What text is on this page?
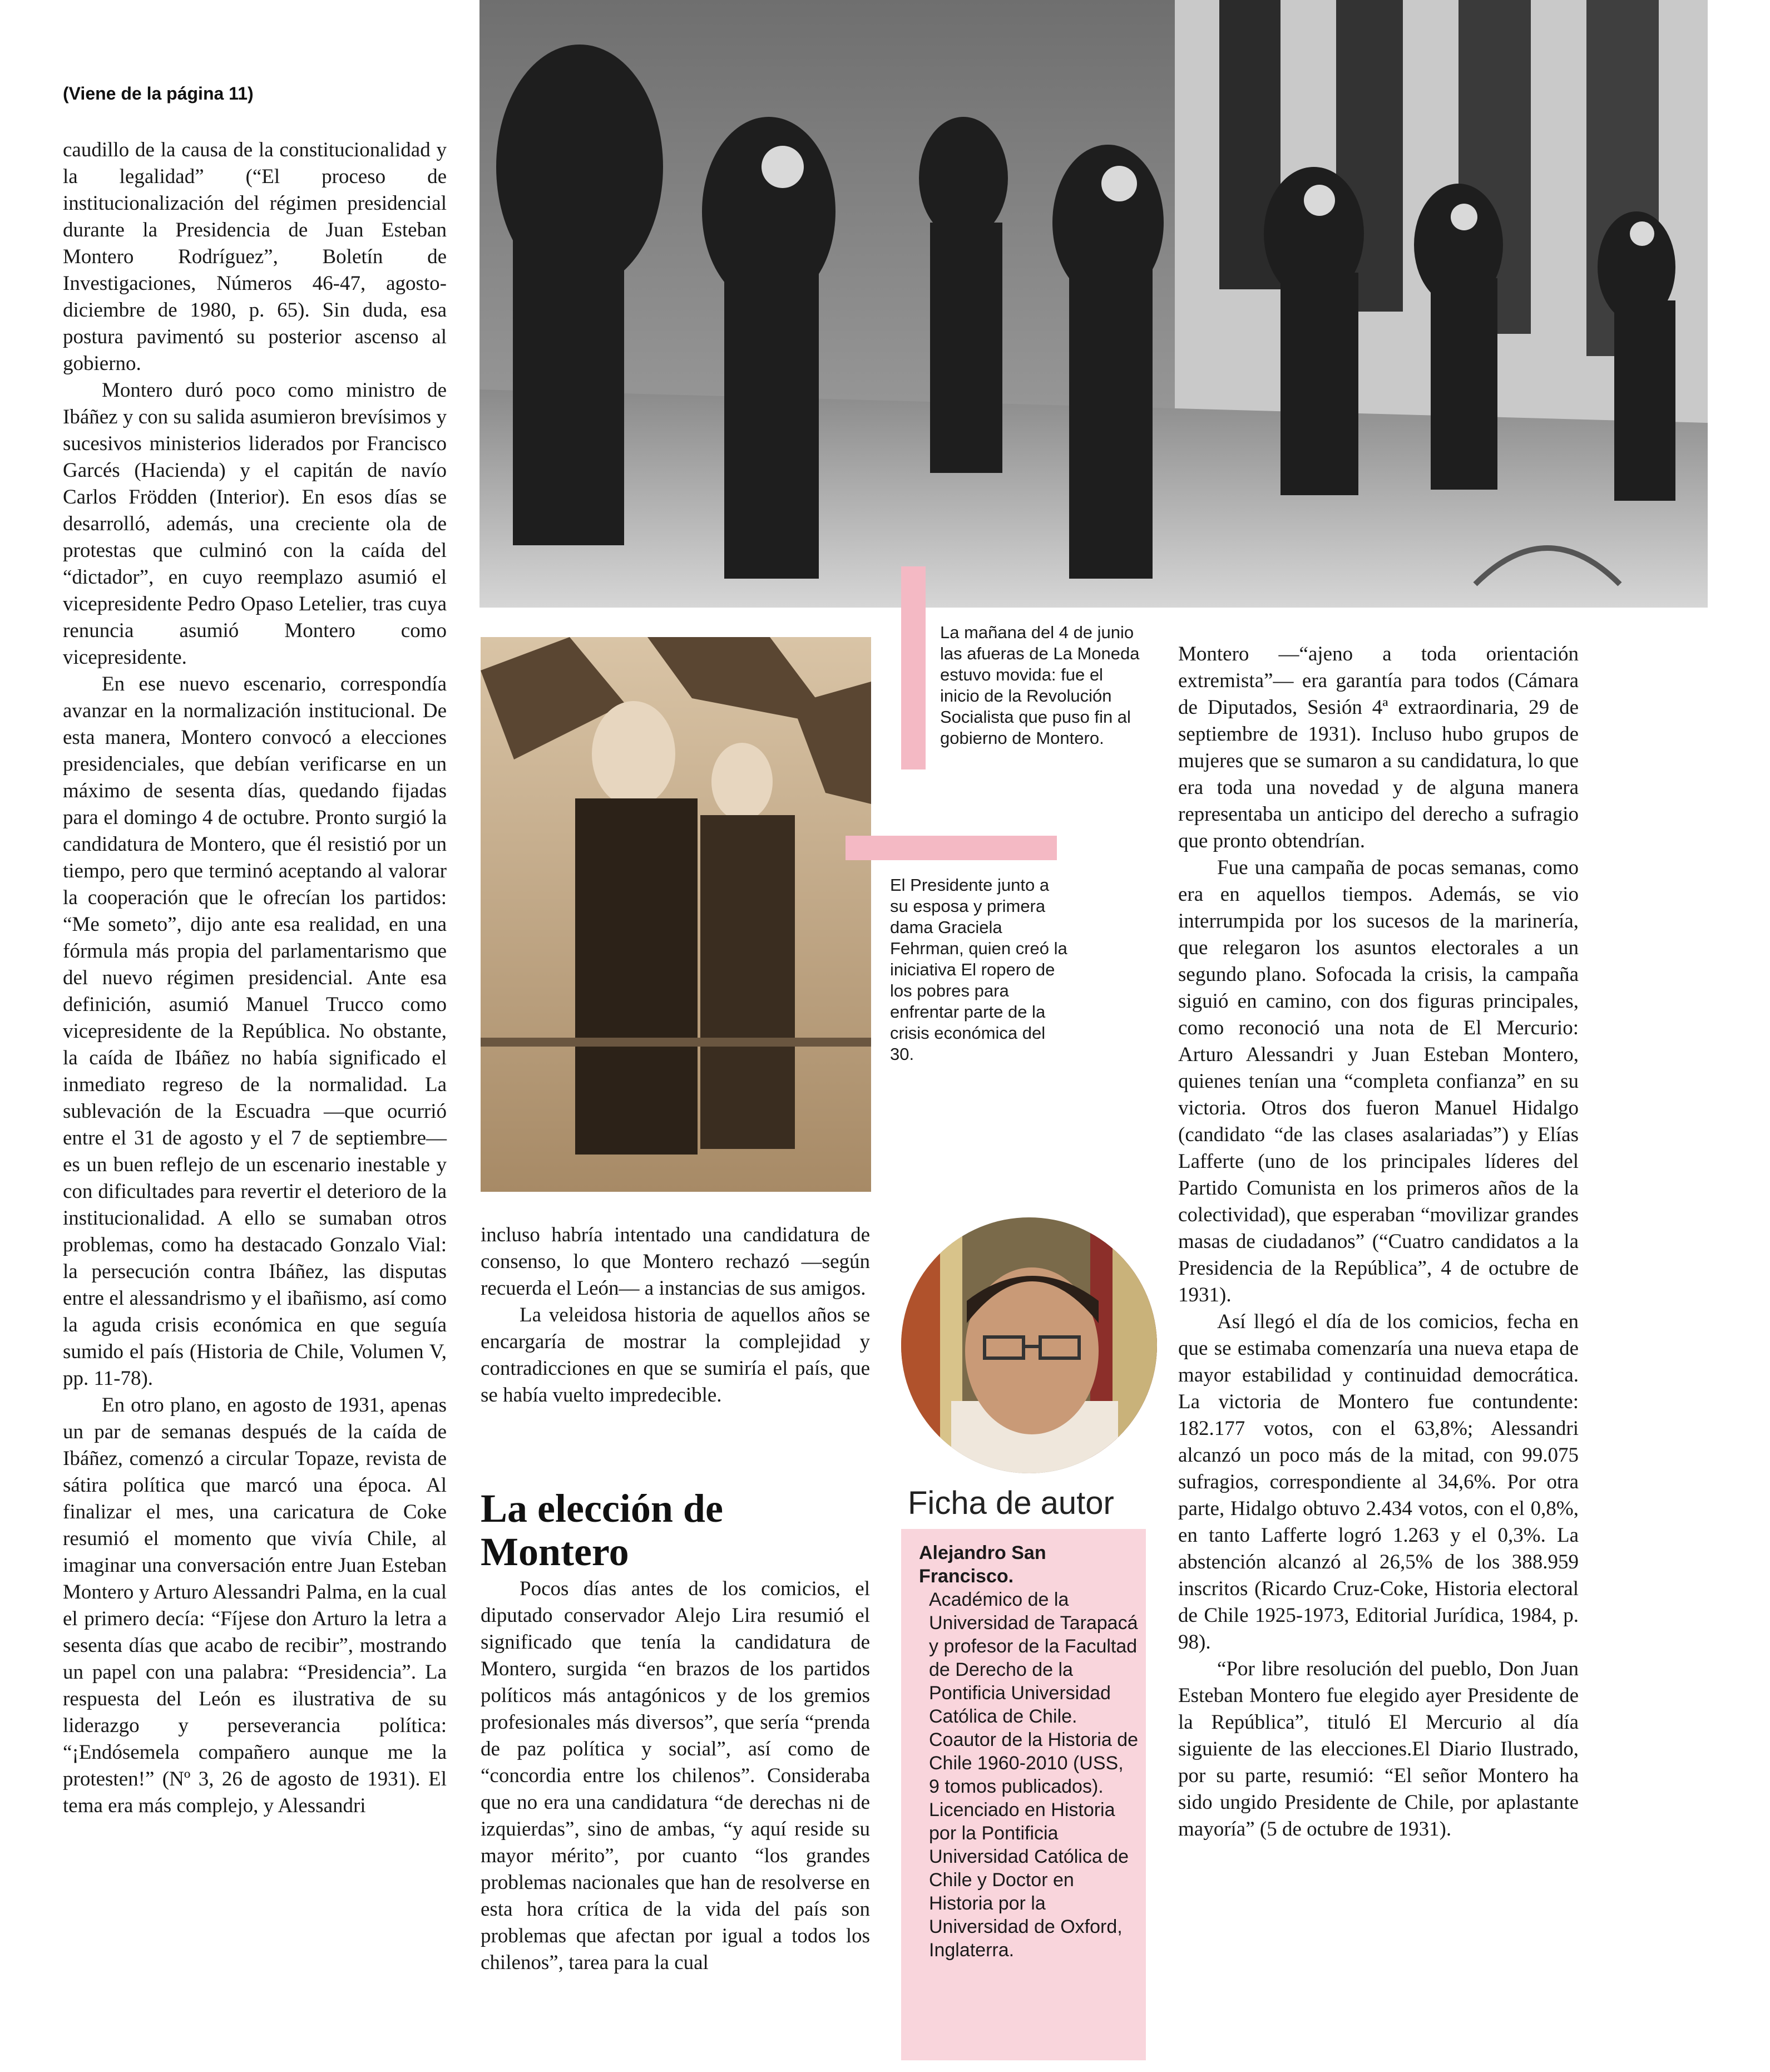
(Viene de la página 11)

caudillo de la causa de la constitucionalidad y la legalidad” (“El proceso de institucionalización del régimen presidencial durante la Presidencia de Juan Esteban Montero Rodríguez”, Boletín de Investigaciones, Números 46-47, agosto-diciembre de 1980, p. 65). Sin duda, esa postura pavimentó su posterior ascenso al gobierno.

Montero duró poco como ministro de Ibáñez y con su salida asumieron brevísimos y sucesivos ministerios liderados por Francisco Garcés (Hacienda) y el capitán de navío Carlos Frödden (Interior). En esos días se desarrolló, además, una creciente ola de protestas que culminó con la caída del “dictador”, en cuyo reemplazo asumió el vicepresidente Pedro Opaso Letelier, tras cuya renuncia asumió Montero como vicepresidente.

En ese nuevo escenario, correspondía avanzar en la normalización institucional. De esta manera, Montero convocó a elecciones presidenciales, que debían verificarse en un máximo de sesenta días, quedando fijadas para el domingo 4 de octubre. Pronto surgió la candidatura de Montero, que él resistió por un tiempo, pero que terminó aceptando al valorar la cooperación que le ofrecían los partidos: “Me someto”, dijo ante esa realidad, en una fórmula más propia del parlamentarismo que del nuevo régimen presidencial. Ante esa definición, asumió Manuel Trucco como vicepresidente de la República. No obstante, la caída de Ibáñez no había significado el inmediato regreso de la normalidad. La sublevación de la Escuadra —que ocurrió entre el 31 de agosto y el 7 de septiembre— es un buen reflejo de un escenario inestable y con dificultades para revertir el deterioro de la institucionalidad. A ello se sumaban otros problemas, como ha destacado Gonzalo Vial: la persecución contra Ibáñez, las disputas entre el alessandrismo y el ibañismo, así como la aguda crisis económica en que seguía sumido el país (Historia de Chile, Volumen V, pp. 11-78).

En otro plano, en agosto de 1931, apenas un par de semanas después de la caída de Ibáñez, comenzó a circular Topaze, revista de sátira política que marcó una época. Al finalizar el mes, una caricatura de Coke resumió el momento que vivía Chile, al imaginar una conversación entre Juan Esteban Montero y Arturo Alessandri Palma, en la cual el primero decía: “Fíjese don Arturo la letra a sesenta días que acabo de recibir”, mostrando un papel con una palabra: “Presidencia”. La respuesta del León es ilustrativa de su liderazgo y perseverancia política: “¡Endósemela compañero aunque me la protesten!” (Nº 3, 26 de agosto de 1931). El tema era más complejo, y Alessandri

La mañana del 4 de junio las afueras de La Moneda estuvo movida: fue el inicio de la Revolución Socialista que puso fin al gobierno de Montero.
El Presidente junto a su esposa y primera dama Graciela Fehrman, quien creó la iniciativa El ropero de los pobres para enfrentar parte de la crisis económica del 30.

incluso habría intentado una candidatura de consenso, lo que Montero rechazó —según recuerda el León— a instancias de sus amigos.

La veleidosa historia de aquellos años se encargaría de mostrar la complejidad y contradicciones en que se sumiría el país, que se había vuelto impredecible.

La elección de Montero

Pocos días antes de los comicios, el diputado conservador Alejo Lira resumió el significado que tenía la candidatura de Montero, surgida “en brazos de los partidos políticos más antagónicos y de los gremios profesionales más diversos”, que sería “prenda de paz política y social”, así como de “concordia entre los chilenos”. Consideraba que no era una candidatura “de derechas ni de izquierdas”, sino de ambas, “y aquí reside su mayor mérito”, por cuanto “los grandes problemas nacionales que han de resolverse en esta hora crítica de la vida del país son problemas que afectan por igual a todos los chilenos”, tarea para la cual

Ficha de autor
Alejandro San Francisco.
Académico de la Universidad de Tarapacá y profesor de la Facultad de Derecho de la Pontificia Universidad Católica de Chile. Coautor de la Historia de Chile 1960-2010 (USS, 9 tomos publicados). Licenciado en Historia por la Pontificia Universidad Católica de Chile y Doctor en Historia por la Universidad de Oxford, Inglaterra.

Montero —“ajeno a toda orientación extremista”— era garantía para todos (Cámara de Diputados, Sesión 4ª extraordinaria, 29 de septiembre de 1931). Incluso hubo grupos de mujeres que se sumaron a su candidatura, lo que era toda una novedad y de alguna manera representaba un anticipo del derecho a sufragio que pronto obtendrían.

Fue una campaña de pocas semanas, como era en aquellos tiempos. Además, se vio interrumpida por los sucesos de la marinería, que relegaron los asuntos electorales a un segundo plano. Sofocada la crisis, la campaña siguió en camino, con dos figuras principales, como reconoció una nota de El Mercurio: Arturo Alessandri y Juan Esteban Montero, quienes tenían una “completa confianza” en su victoria. Otros dos fueron Manuel Hidalgo (candidato “de las clases asalariadas”) y Elías Lafferte (uno de los principales líderes del Partido Comunista en los primeros años de la colectividad), que esperaban “movilizar grandes masas de ciudadanos” (“Cuatro candidatos a la Presidencia de la República”, 4 de octubre de 1931).

Así llegó el día de los comicios, fecha en que se estimaba comenzaría una nueva etapa de mayor estabilidad y continuidad democrática. La victoria de Montero fue contundente: 182.177 votos, con el 63,8%; Alessandri alcanzó un poco más de la mitad, con 99.075 sufragios, correspondiente al 34,6%. Por otra parte, Hidalgo obtuvo 2.434 votos, con el 0,8%, en tanto Lafferte logró 1.263 y el 0,3%. La abstención alcanzó al 26,5% de los 388.959 inscritos (Ricardo Cruz-Coke, Historia electoral de Chile 1925-1973, Editorial Jurídica, 1984, p. 98).

“Por libre resolución del pueblo, Don Juan Esteban Montero fue elegido ayer Presidente de la República”, tituló El Mercurio al día siguiente de las elecciones.El Diario Ilustrado, por su parte, resumió: “El señor Montero ha sido ungido Presidente de Chile, por aplastante mayoría” (5 de octubre de 1931).
